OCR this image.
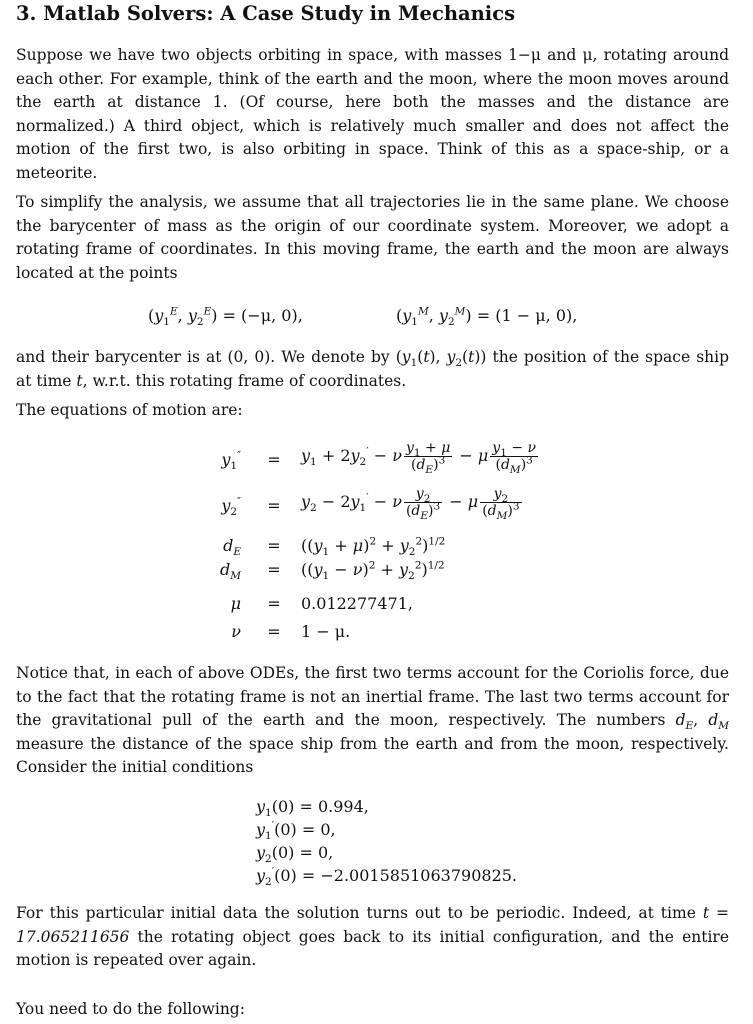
3. Matlab Solvers: A Case Study in Mechanics

Suppose we have two objects orbiting in space, with masses 1−μ and μ, rotating around each other. For example, think of the earth and the moon, where the moon moves around the earth at distance 1. (Of course, here both the masses and the distance are normalized.) A third object, which is relatively much smaller and does not affect the motion of the first two, is also orbiting in space. Think of this as a space-ship, or a meteorite.

To simplify the analysis, we assume that all trajectories lie in the same plane. We choose the barycenter of mass as the origin of our coordinate system. Moreover, we adopt a rotating frame of coordinates. In this moving frame, the earth and the moon are always located at the points

($y_1^E$, $y_2^E) = (-\mu$, 0),	($y_1^M$, $y_2^M) = (1 - \mu$, 0),

and their barycenter is at (0, 0). We denote by ($y_1(t)$, $y_2(t)$) the position of the space ship at time t, w.r.t. this rotating frame of coordinates.

The equations of motion are:

$y_1'' = y_1 + 2y_2' - \nu \frac{y_1 + \mu}{(d_E)^3} - \mu \frac{y_1 - \nu}{(d_M)^3}$
$y_2'' = y_2 - 2y_1' - \nu \frac{y_2}{(d_E)^3} - \mu \frac{y_2}{(d_M)^3}$
$d_E = ((y_1 + \mu)^2 + y_2^2)^{1/2}$
$d_M = ((y_1 - \nu)^2 + y_2^2)^{1/2}$
μ = 0.012277471,
ν = 1 − μ.

Notice that, in each of above ODEs, the first two terms account for the Coriolis force, due to the fact that the rotating frame is not an inertial frame. The last two terms account for the gravitational pull of the earth and the moon, respectively. The numbers $d_E$, $d_M$ measure the distance of the space ship from the earth and from the moon, respectively. Consider the initial conditions

$y_1(0) = 0.994$,
$y_1'(0) = 0$,
$y_2(0) = 0$,
$y_2'(0) = -2.0015851063790825$.

For this particular initial data the solution turns out to be periodic. Indeed, at time t = 17.065211656 the rotating object goes back to its initial configuration, and the entire motion is repeated over again.

You need to do the following:
